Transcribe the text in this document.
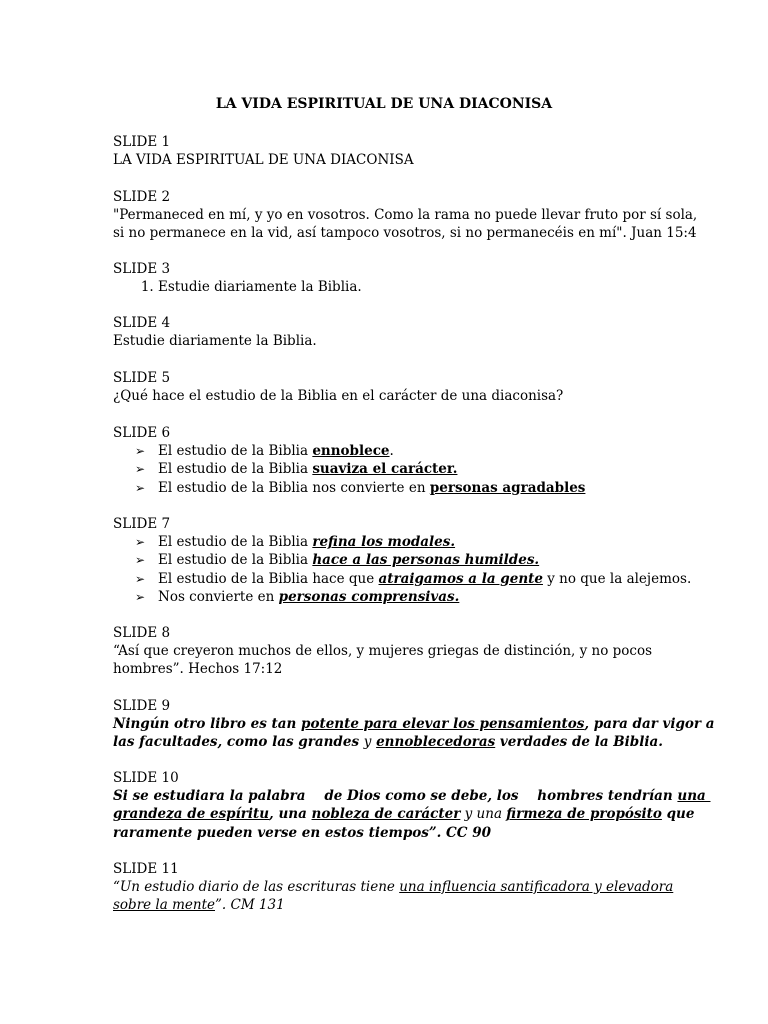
LA VIDA ESPIRITUAL DE UNA DIACONISA
SLIDE 1
LA VIDA ESPIRITUAL DE UNA DIACONISA
SLIDE 2
"Permaneced en mí, y yo en vosotros. Como la rama no puede llevar fruto por sí sola,
si no permanece en la vid, así tampoco vosotros, si no permanecéis en mí". Juan 15:4
SLIDE 3
1. Estudie diariamente la Biblia.
SLIDE 4
Estudie diariamente la Biblia.
SLIDE 5
¿Qué hace el estudio de la Biblia en el carácter de una diaconisa?
SLIDE 6
➢ El estudio de la Biblia ennoblece.
➢ El estudio de la Biblia suaviza el carácter.
➢ El estudio de la Biblia nos convierte en personas agradables
SLIDE 7
➢ El estudio de la Biblia refina los modales.
➢ El estudio de la Biblia hace a las personas humildes.
➢ El estudio de la Biblia hace que atraigamos a la gente y no que la alejemos.
➢ Nos convierte en personas comprensivas.
SLIDE 8
“Así que creyeron muchos de ellos, y mujeres griegas de distinción, y no pocos
hombres”. Hechos 17:12
SLIDE 9
Ningún otro libro es tan potente para elevar los pensamientos, para dar vigor a
las facultades, como las grandes y ennoblecedoras verdades de la Biblia.
SLIDE 10
Si se estudiara la palabra    de Dios como se debe, los    hombres tendrían una
grandeza de espíritu, una nobleza de carácter y una firmeza de propósito que
raramente pueden verse en estos tiempos”. CC 90
SLIDE 11
“Un estudio diario de las escrituras tiene una influencia santificadora y elevadora
sobre la mente”. CM 131
